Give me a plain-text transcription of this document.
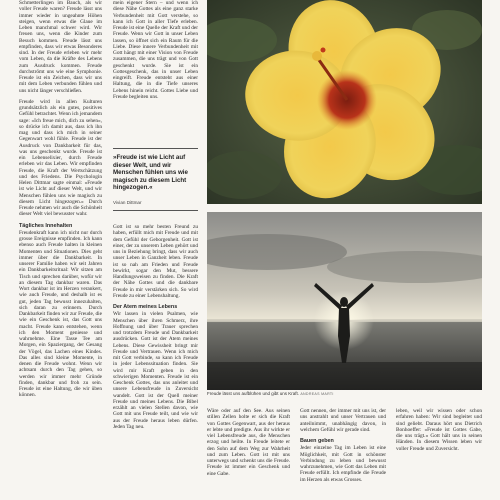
Schmetterlingen im Bauch, als wir voller Freude waren? Freude lässt uns immer wieder in ungeahnte Höhen steigen, wenn etwas die Glaue im Leben manchmal schwer wird. Wir freuen uns, wenn die Kinder zum Besuch kommen. Freude lässt uns empfinden, dass wir etwas Besonderes sind. In der Freude erleben wir mehr vom Leben, da die Kräfte des Lebens zum Ausdruck kommen. Freude durchströmt uns wie eine Symphonie. Freude ist ein Zeichen, dass wir uns mit dem Leben verbunden fühlen und uns nicht länger verschließen.

Freude wird in allen Kulturen grundsätzlich als ein gutes, positives Gefühl betrachtet. Wenn ich jemandem sage: »Ich freue mich, dich zu sehen«, so drücke ich damit aus, dass ich ihn mag und dass ich mich in seiner Gegenwart wohl fühle. Freude ist der Ausdruck von Dankbarkeit für das, was uns geschenkt wurde. Freude ist ein Lebenselixier, durch Freude erleben wir das Leben. Wir empfinden Freude, die Kraft der Wertschätzung und des Friedens. Die Psychologin Helen Dittmar sagte einmal: »Freude ist wie Licht auf dieser Welt, und wir Menschen fühlen uns wie magisch zu diesem Licht hingezogen.« Durch Freude nehmen wir auch die Schönheit dieser Welt viel bewusster wahr.

Tägliches Innehalten

Freudenkraft kann ich nicht nur durch grosse Ereignisse empfinden. Ich kann ebenso auch Freude halten in kleinen Momenten und Situationen. Dies geht immer über die Dankbarkeit. In unserer Familie haben wir seit Jahren ein Dankbarkeitsritual: Wir sitzen am Tisch und sprechen darüber, wofür wir an diesem Tag dankbar waren. Das Wort dankbar ist im Herzen verankert, wie auch Freude, und deshalb ist es gut, jeden Tag bewusst innezuhalten, sich daran zu erinnern. Durch Dankbarkeit finden wir zur Freude, die wie ein Geschenk ist, das Gott uns macht. Freude kann entstehen, wenn ich den Moment geniesse und wahrnehme. Eine Tasse Tee am Morgen, ein Spaziergang, der Gesang der Vögel, das Lachen eines Kindes. Das alles sind kleine Momente, in denen die Freude wohnt. Wenn wir achtsam durch den Tag gehen, so werden wir immer mehr Gründe finden, dankbar und froh zu sein. Freude ist eine Haltung, die wir üben können.

mein eigener Stern – und wenn ich diese Nähe Gottes als eine ganz starke Verbundenheit mit Gott verstehe, so kann ich Gott in aller Tiefe erleben. Freude ist eine Quelle der Kraft und der Freude. Wenn wir Gott in unser Leben lassen, so öffnet sich ein Raum für die Liebe. Diese innere Verbundenheit mit Gott hängt mit einer Vision von Freude zusammen, die uns trägt und von Gott geschenkt wurde. Sie ist ein Gottesgeschenk, das in unser Leben eingreift. Freude entsteht aus einer Haltung, die in die Tiefe unseres Lebens hinein reicht. Gottes Liebe und Freude begleiten uns.

»Freude ist wie Licht auf dieser Welt, und wir Menschen fühlen uns wie magisch zu diesem Licht hingezogen.«
Vivian Dittmar

Gott ist so mehr besten Freund zu haben, erfüllt mich mit Freude und mit dem Gefühl der Geborgenheit. Gott ist einer, der zu unserem Leben gehört und uns in Beziehung bringt, dass wir auch unser Leben in Ganzheit leben. Freude ist so nah am Frieden und Freude bewirkt, sogar den Mut, bessere Handlungsweisen zu finden. Die Kraft der Nähe Gottes und die dankbare Freude in mir verstärken sich. So wird Freude zu einer Lebenshaltung.

Der Atem meines Lebens

Wir lassen in vielen Psalmen, wie Menschen über ihren Schmerz, ihre Hoffnung und über Trauer sprechen und trotzdem Freude und Dankbarkeit ausdrücken. Gott ist der Atem meines Lebens. Diese Gewissheit bringt mir Freude und Vertrauen. Wenn ich mich mit Gott verbinde, so kann ich Freude in jeder Lebenssituation finden. Sie wird mir Kraft geben in den schwierigen Momenten. Freude ist ein Geschenk Gottes, das uns anleitet und unsere Lebensfreude in Zuversicht wandelt. Gott ist der Quell meiner Freude und meines Lebens. Die Bibel erzählt an vielen Stellen davon, wie Gott mit uns Freude teilt, und wie wir aus der Freude heraus leben dürfen. Jeden Tag neu.

Freude lässt uns aufblühen und gibt uns Kraft. ANDREAS MARTI

Wäre oder auf den See. Aus seinen stillen Zellen holte er sich die Kraft von Gottes Gegenwart, aus der heraus er lebte und predigte. Aus ihr wirkte er viel Lebensfreude aus, die Menschen erzog und heilte. In Freude leitete er den Sohn auf dem Weg zur Wahrheit und zum Leben. Gott ist mit uns unterwegs und schenkt uns die Freude. Freude ist immer ein Geschenk und eine Gabe.

Gott nennen, der immer mit uns ist, der uns anstrahlt und unser Vertrauen und anteilnimmt, unabhängig davon, in welchem Gefühl wir gerade sind.

Bauen geben

Jeder einzelne Tag im Leben ist eine Möglichkeit, mit Gott in schönster Verbindung zu leben und bewusst wahrzunehmen, wie Gott das Leben mit Freude erfüllt. Ich empfinde die Freude im Herzen als etwas Grosses.

leben, weil wir wissen oder schon erfahren haben: Wir sind begleitet und sind geliebt. Daraus hört uns Dietrich Bonhoeffer: »Freude ist Gottes Gabe, die uns trägt.« Gott hält uns in seinen Händen. In diesem Wissen leben wir voller Freude und Zuversicht.
